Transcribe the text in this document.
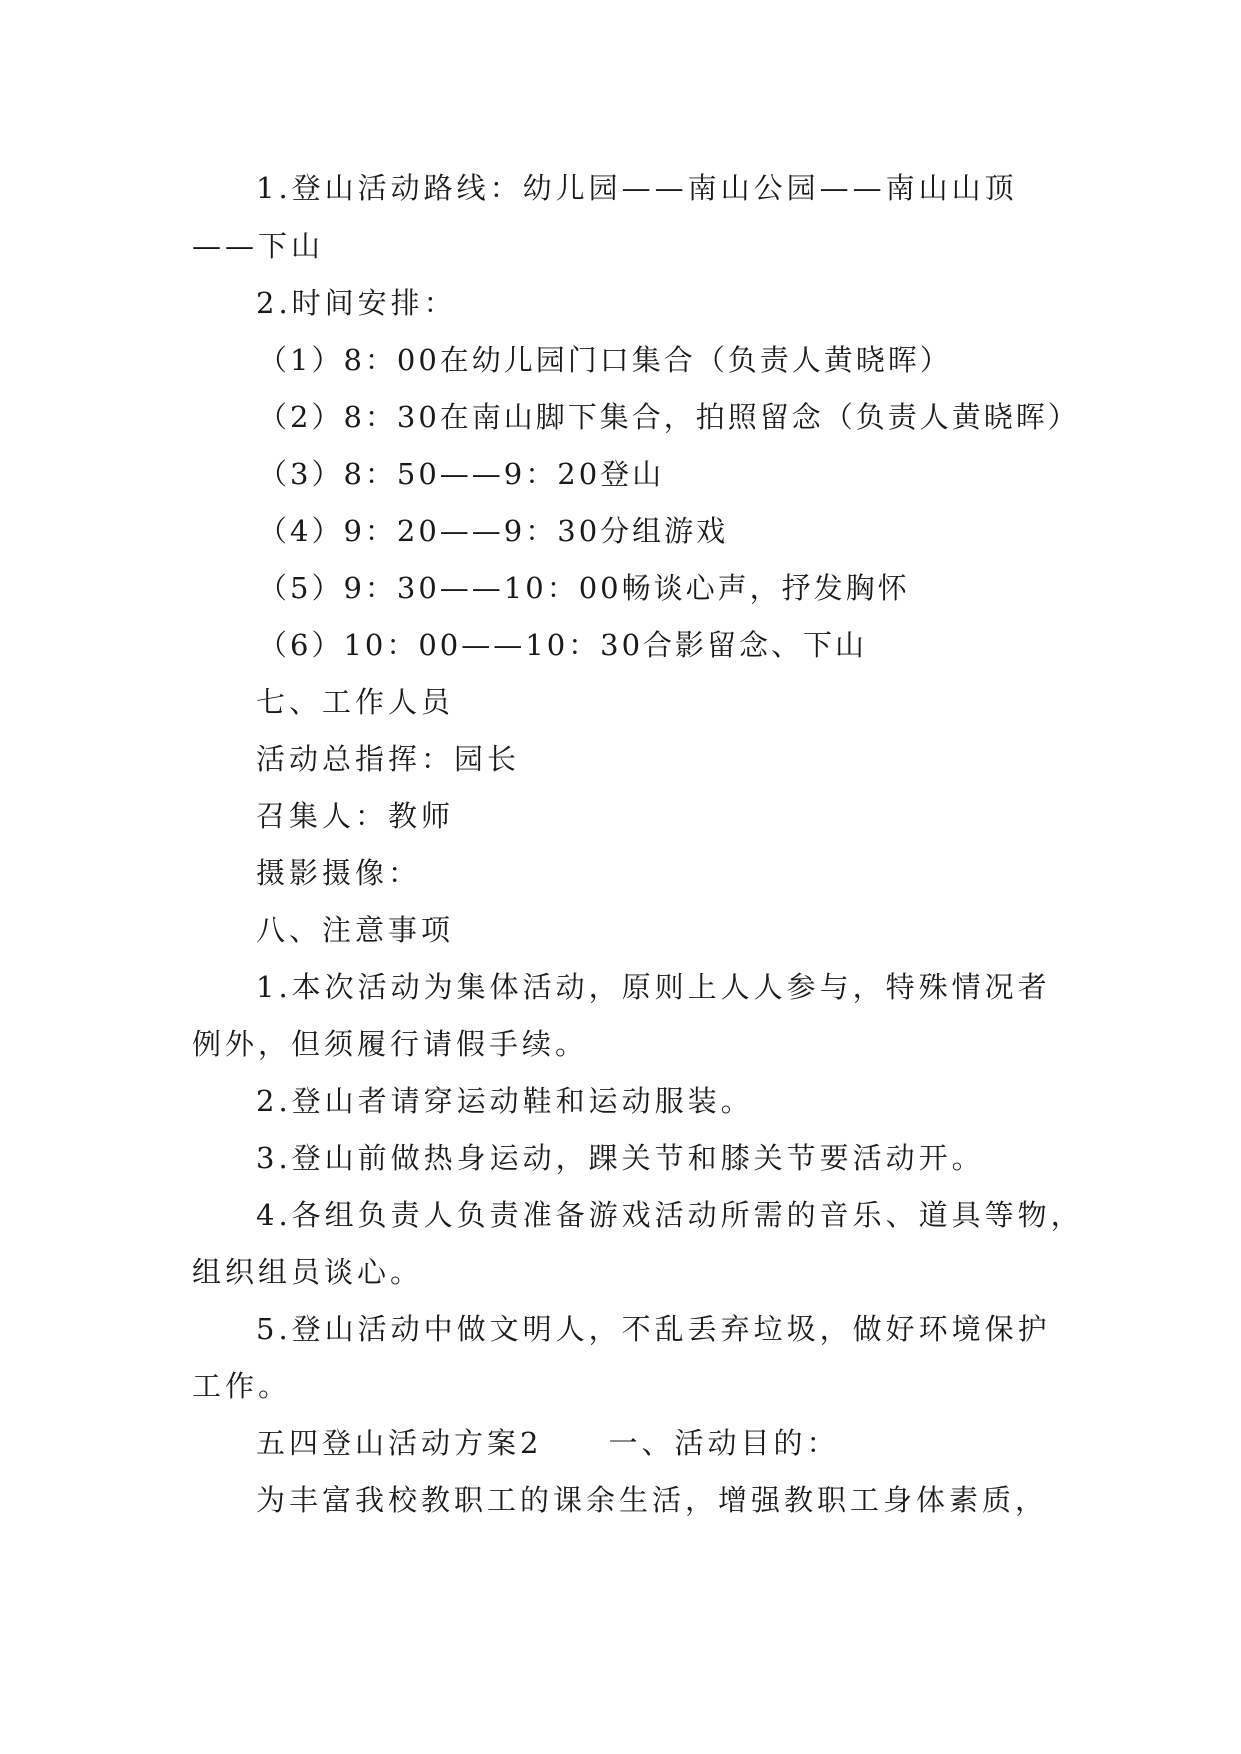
1.登山活动路线：幼儿园——南山公园——南山山顶

——下山

2.时间安排：

（1）8：00在幼儿园门口集合（负责人黄晓晖）

（2）8：30在南山脚下集合，拍照留念（负责人黄晓晖）

（3）8：50——9：20登山

（4）9：20——9：30分组游戏

（5）9：30——10：00畅谈心声，抒发胸怀

（6）10：00——10：30合影留念、下山

七、工作人员

活动总指挥：园长

召集人：教师

摄影摄像：

八、注意事项

1.本次活动为集体活动，原则上人人参与，特殊情况者

例外，但须履行请假手续。

2.登山者请穿运动鞋和运动服装。

3.登山前做热身运动，踝关节和膝关节要活动开。

4.各组负责人负责准备游戏活动所需的音乐、道具等物，

组织组员谈心。

5.登山活动中做文明人，不乱丢弃垃圾，做好环境保护

工作。

五四登山活动方案2　　一、活动目的：

为丰富我校教职工的课余生活，增强教职工身体素质，
